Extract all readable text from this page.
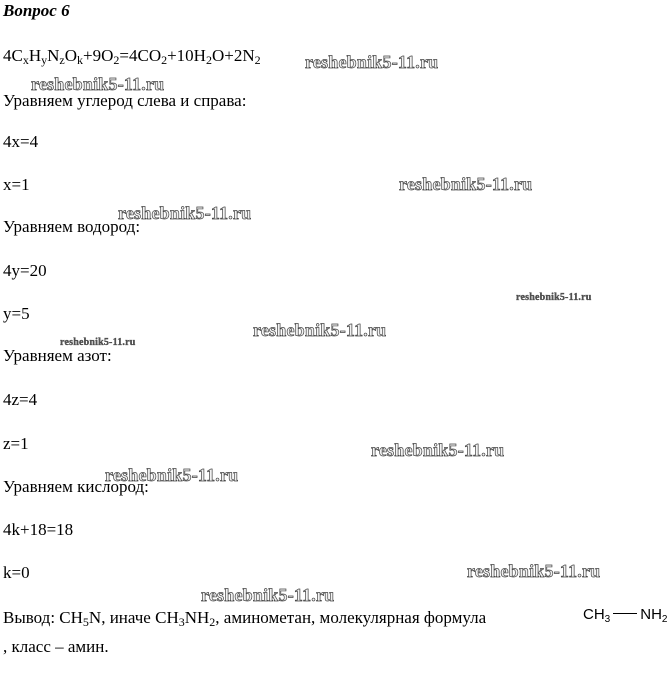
Вопрос 6
$4C_xH_yN_zO_k+9O_2=4CO_2+10H_2O+2N_2$
Уравняем углерод слева и справа:
4x=4
x=1
Уравняем водород:
4y=20
y=5
Уравняем азот:
4z=4
z=1
Уравняем кислород:
4k+18=18
k=0
Вывод: $CH_5N$, иначе $CH_3NH_2$, аминометан, молекулярная формула
, класс – амин.
$CH_3$ $NH_2$
reshebnik5-11.ru
reshebnik5-11.ru
reshebnik5-11.ru
reshebnik5-11.ru
reshebnik5-11.ru
reshebnik5-11.ru
reshebnik5-11.ru
reshebnik5-11.ru
reshebnik5-11.ru
reshebnik5-11.ru
reshebnik5-11.ru
